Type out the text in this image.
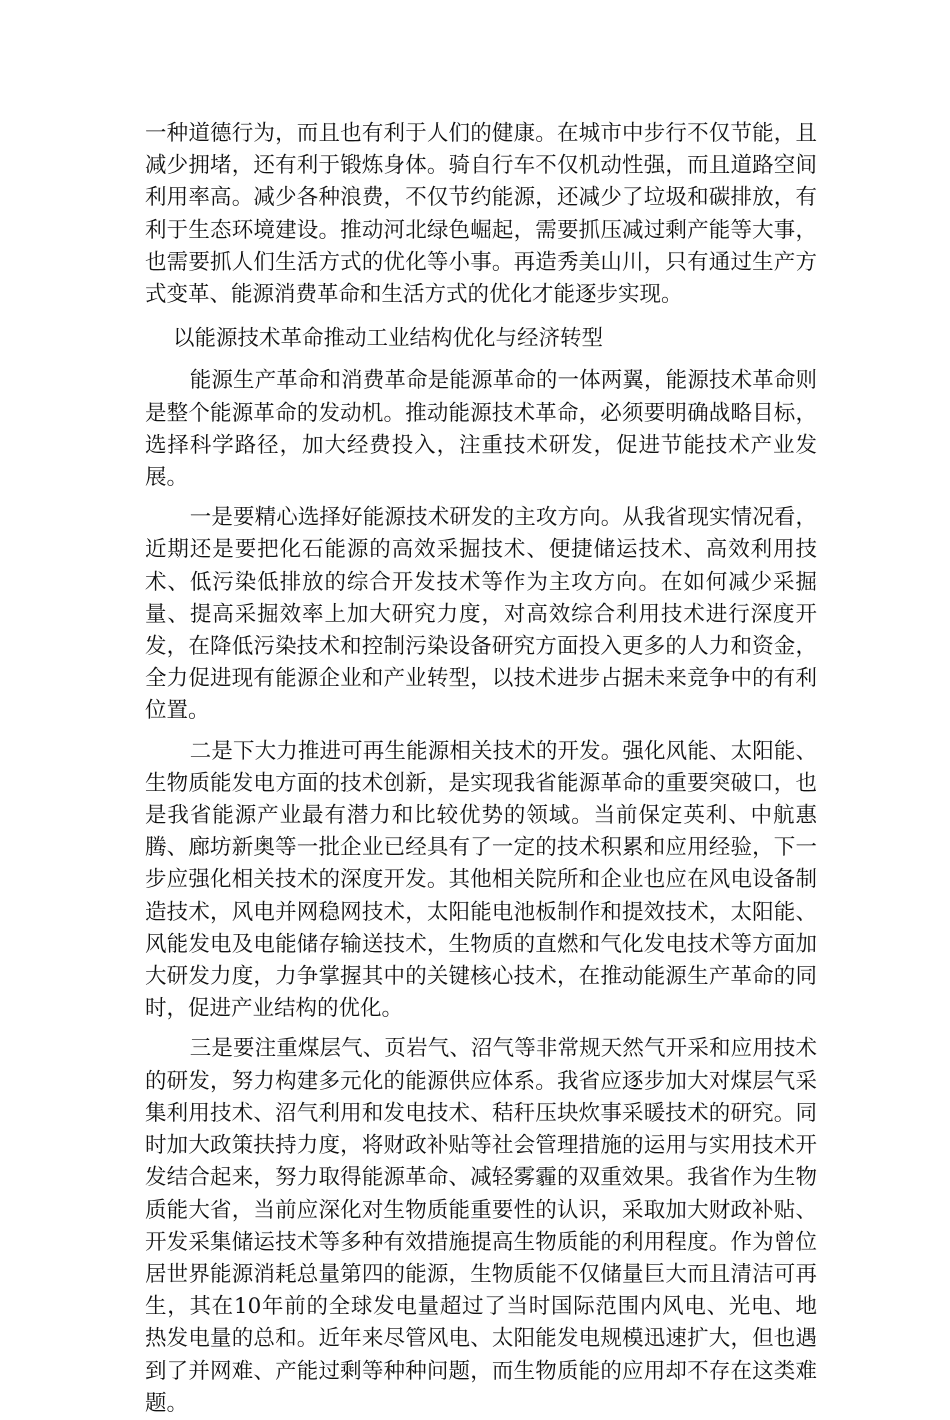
一种道德行为，而且也有利于人们的健康。在城市中步行不仅节能，且减少拥堵，还有利于锻炼身体。骑自行车不仅机动性强，而且道路空间利用率高。减少各种浪费，不仅节约能源，还减少了垃圾和碳排放，有利于生态环境建设。推动河北绿色崛起，需要抓压减过剩产能等大事，也需要抓人们生活方式的优化等小事。再造秀美山川，只有通过生产方式变革、能源消费革命和生活方式的优化才能逐步实现。

以能源技术革命推动工业结构优化与经济转型

能源生产革命和消费革命是能源革命的一体两翼，能源技术革命则是整个能源革命的发动机。推动能源技术革命，必须要明确战略目标，选择科学路径，加大经费投入，注重技术研发，促进节能技术产业发展。

一是要精心选择好能源技术研发的主攻方向。从我省现实情况看，近期还是要把化石能源的高效采掘技术、便捷储运技术、高效利用技术、低污染低排放的综合开发技术等作为主攻方向。在如何减少采掘量、提高采掘效率上加大研究力度，对高效综合利用技术进行深度开发，在降低污染技术和控制污染设备研究方面投入更多的人力和资金，全力促进现有能源企业和产业转型，以技术进步占据未来竞争中的有利位置。

二是下大力推进可再生能源相关技术的开发。强化风能、太阳能、生物质能发电方面的技术创新，是实现我省能源革命的重要突破口，也是我省能源产业最有潜力和比较优势的领域。当前保定英利、中航惠腾、廊坊新奥等一批企业已经具有了一定的技术积累和应用经验，下一步应强化相关技术的深度开发。其他相关院所和企业也应在风电设备制造技术，风电并网稳网技术，太阳能电池板制作和提效技术，太阳能、风能发电及电能储存输送技术，生物质的直燃和气化发电技术等方面加大研发力度，力争掌握其中的关键核心技术，在推动能源生产革命的同时，促进产业结构的优化。

三是要注重煤层气、页岩气、沼气等非常规天然气开采和应用技术的研发，努力构建多元化的能源供应体系。我省应逐步加大对煤层气采集利用技术、沼气利用和发电技术、秸秆压块炊事采暖技术的研究。同时加大政策扶持力度，将财政补贴等社会管理措施的运用与实用技术开发结合起来，努力取得能源革命、减轻雾霾的双重效果。我省作为生物质能大省，当前应深化对生物质能重要性的认识，采取加大财政补贴、开发采集储运技术等多种有效措施提高生物质能的利用程度。作为曾位居世界能源消耗总量第四的能源，生物质能不仅储量巨大而且清洁可再生，其在10年前的全球发电量超过了当时国际范围内风电、光电、地热发电量的总和。近年来尽管风电、太阳能发电规模迅速扩大，但也遇到了并网难、产能过剩等种种问题，而生物质能的应用却不存在这类难题。
